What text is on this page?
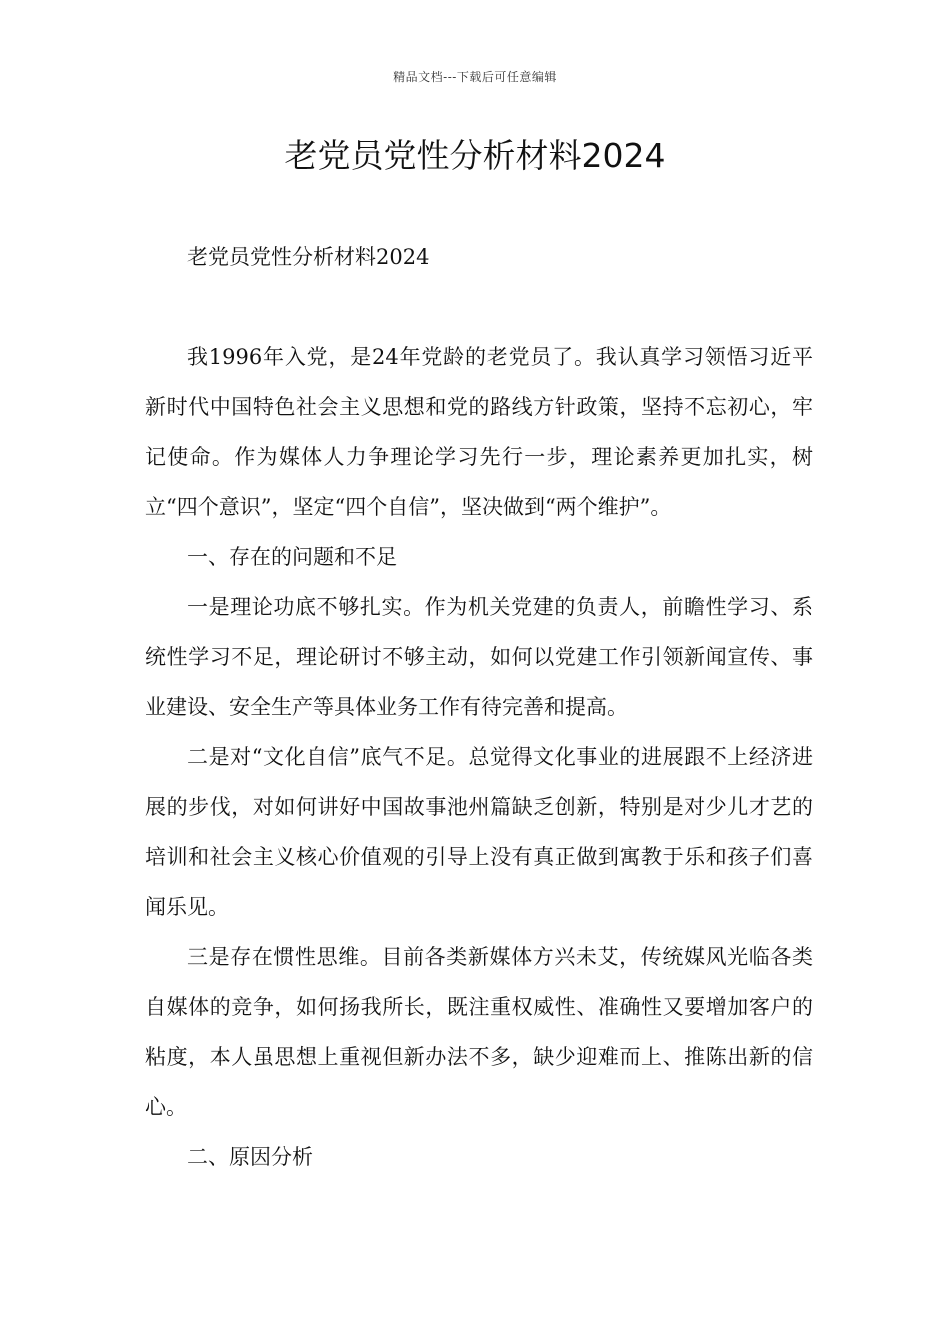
精品文档---下载后可任意编辑
老党员党性分析材料2024

老党员党性分析材料2024

我1996年入党，是24年党龄的老党员了。我认真学习领悟习近平新时代中国特色社会主义思想和党的路线方针政策，坚持不忘初心，牢记使命。作为媒体人力争理论学习先行一步，理论素养更加扎实，树立“四个意识”，坚定“四个自信”，坚决做到“两个维护”。

一、存在的问题和不足

一是理论功底不够扎实。作为机关党建的负责人，前瞻性学习、系统性学习不足，理论研讨不够主动，如何以党建工作引领新闻宣传、事业建设、安全生产等具体业务工作有待完善和提高。

二是对“文化自信”底气不足。总觉得文化事业的进展跟不上经济进展的步伐，对如何讲好中国故事池州篇缺乏创新，特别是对少儿才艺的培训和社会主义核心价值观的引导上没有真正做到寓教于乐和孩子们喜闻乐见。

三是存在惯性思维。目前各类新媒体方兴未艾，传统媒风光临各类自媒体的竞争，如何扬我所长，既注重权威性、准确性又要增加客户的粘度，本人虽思想上重视但新办法不多，缺少迎难而上、推陈出新的信心。

二、原因分析
